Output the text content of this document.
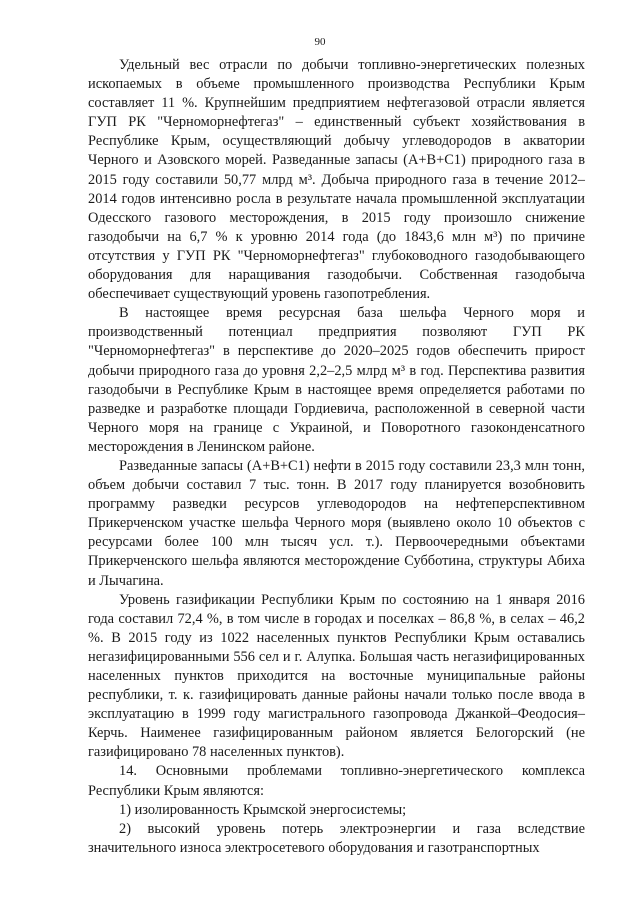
90

Удельный вес отрасли по добычи топливно-энергетических полезных ископаемых в объеме промышленного производства Республики Крым составляет 11 %. Крупнейшим предприятием нефтегазовой отрасли является ГУП РК "Черноморнефтегаз" – единственный субъект хозяйствования в Республике Крым, осуществляющий добычу углеводородов в акватории Черного и Азовского морей. Разведанные запасы (А+В+С1) природного газа в 2015 году составили 50,77 млрд м³. Добыча природного газа в течение 2012–2014 годов интенсивно росла в результате начала промышленной эксплуатации Одесского газового месторождения, в 2015 году произошло снижение газодобычи на 6,7 % к уровню 2014 года (до 1843,6 млн м³) по причине отсутствия у ГУП РК "Черноморнефтегаз" глубоководного газодобывающего оборудования для наращивания газодобычи. Собственная газодобыча обеспечивает существующий уровень газопотребления.

В настоящее время ресурсная база шельфа Черного моря и производственный потенциал предприятия позволяют ГУП РК "Черноморнефтегаз" в перспективе до 2020–2025 годов обеспечить прирост добычи природного газа до уровня 2,2–2,5 млрд м³ в год. Перспектива развития газодобычи в Республике Крым в настоящее время определяется работами по разведке и разработке площади Гордиевича, расположенной в северной части Черного моря на границе с Украиной, и Поворотного газоконденсатного месторождения в Ленинском районе.

Разведанные запасы (А+В+С1) нефти в 2015 году составили 23,3 млн тонн, объем добычи составил 7 тыс. тонн. В 2017 году планируется возобновить программу разведки ресурсов углеводородов на нефтеперспективном Прикерченском участке шельфа Черного моря (выявлено около 10 объектов с ресурсами более 100 млн тысяч усл. т.). Первоочередными объектами Прикерченского шельфа являются месторождение Субботина, структуры Абиха и Лычагина.

Уровень газификации Республики Крым по состоянию на 1 января 2016 года составил 72,4 %, в том числе в городах и поселках – 86,8 %, в селах – 46,2 %. В 2015 году из 1022 населенных пунктов Республики Крым оставались негазифицированными 556 сел и г. Алупка. Большая часть негазифицированных населенных пунктов приходится на восточные муниципальные районы республики, т. к. газифицировать данные районы начали только после ввода в эксплуатацию в 1999 году магистрального газопровода Джанкой–Феодосия–Керчь. Наименее газифицированным районом является Белогорский (не газифицировано 78 населенных пунктов).

14. Основными проблемами топливно-энергетического комплекса Республики Крым являются:

1) изолированность Крымской энергосистемы;

2) высокий уровень потерь электроэнергии и газа вследствие значительного износа электросетевого оборудования и газотранспортных
